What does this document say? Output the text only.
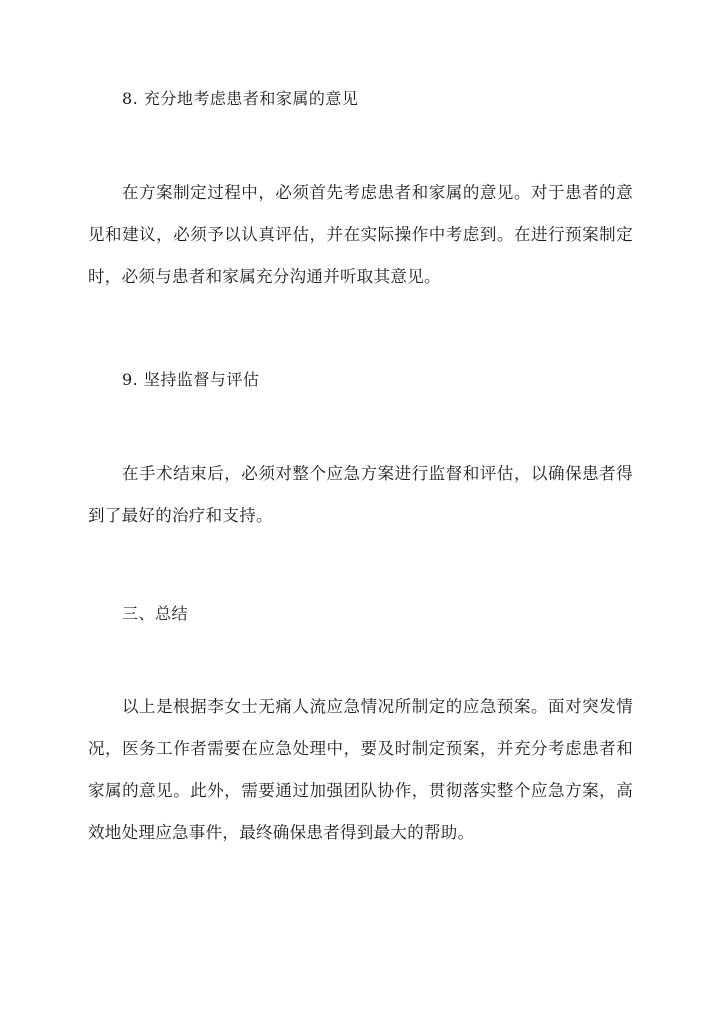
8. 充分地考虑患者和家属的意见
在方案制定过程中，必须首先考虑患者和家属的意见。对于患者的意见和建议，必须予以认真评估，并在实际操作中考虑到。在进行预案制定时，必须与患者和家属充分沟通并听取其意见。
9. 坚持监督与评估
在手术结束后，必须对整个应急方案进行监督和评估，以确保患者得到了最好的治疗和支持。
三、总结
以上是根据李女士无痛人流应急情况所制定的应急预案。面对突发情况，医务工作者需要在应急处理中，要及时制定预案，并充分考虑患者和家属的意见。此外，需要通过加强团队协作，贯彻落实整个应急方案，高效地处理应急事件，最终确保患者得到最大的帮助。
